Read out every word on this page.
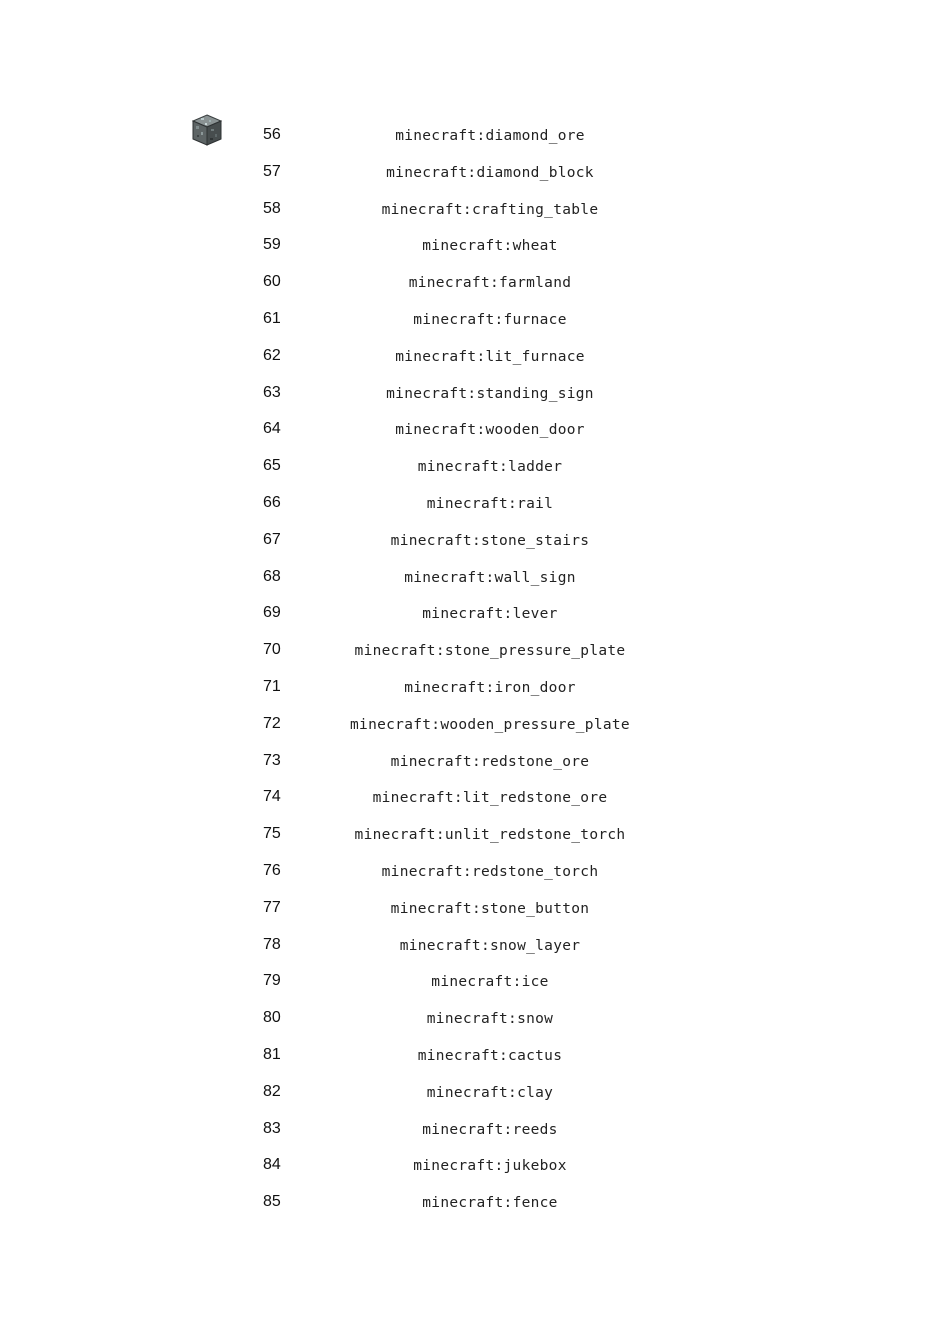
56	minecraft:diamond_ore
57	minecraft:diamond_block
58	minecraft:crafting_table
59	minecraft:wheat
60	minecraft:farmland
61	minecraft:furnace
62	minecraft:lit_furnace
63	minecraft:standing_sign
64	minecraft:wooden_door
65	minecraft:ladder
66	minecraft:rail
67	minecraft:stone_stairs
68	minecraft:wall_sign
69	minecraft:lever
70	minecraft:stone_pressure_plate
71	minecraft:iron_door
72	minecraft:wooden_pressure_plate
73	minecraft:redstone_ore
74	minecraft:lit_redstone_ore
75	minecraft:unlit_redstone_torch
76	minecraft:redstone_torch
77	minecraft:stone_button
78	minecraft:snow_layer
79	minecraft:ice
80	minecraft:snow
81	minecraft:cactus
82	minecraft:clay
83	minecraft:reeds
84	minecraft:jukebox
85	minecraft:fence
